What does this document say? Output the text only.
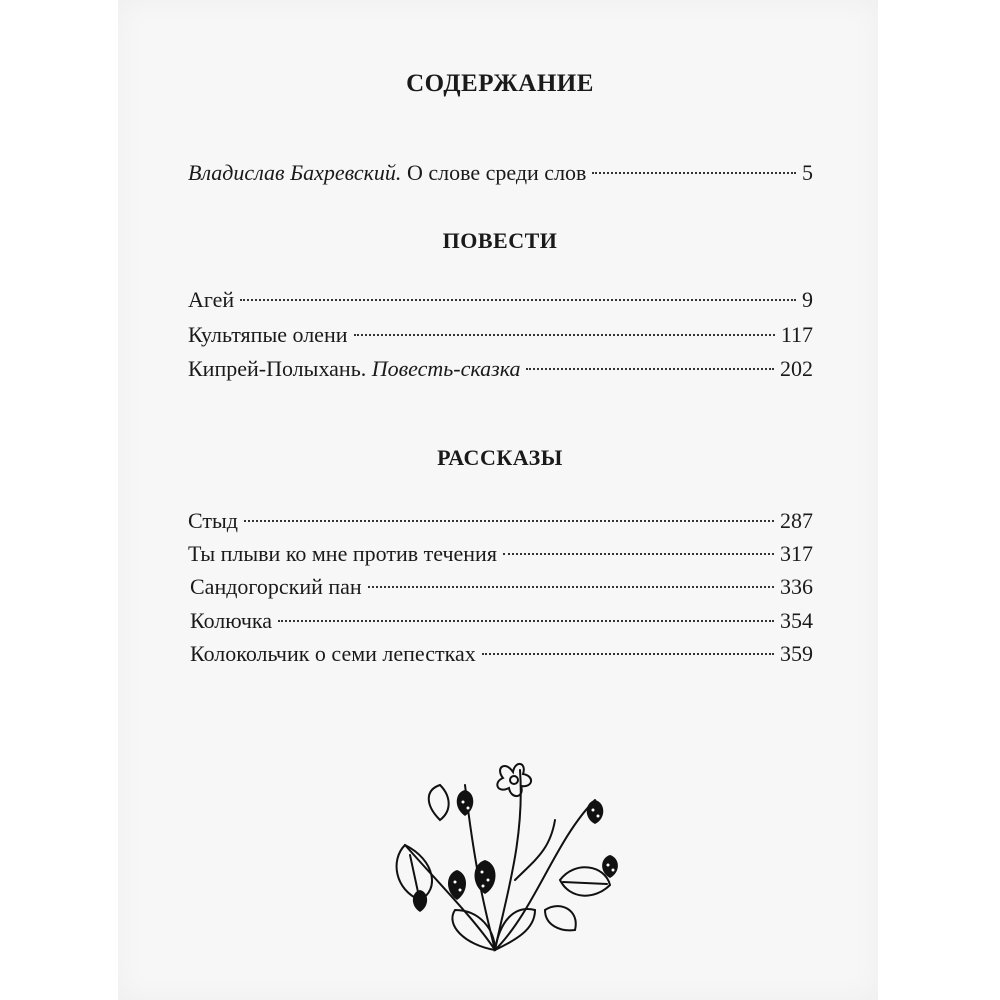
СОДЕРЖАНИЕ
Владислав Бахревский. О слове среди слов	5
ПОВЕСТИ
Агей	9
Культяпые олени	117
Кипрей-Полыхань. Повесть-сказка	202
РАССКАЗЫ
Стыд	287
Ты плыви ко мне против течения	317
Сандогорский пан	336
Колючка	354
Колокольчик о семи лепестках	359
